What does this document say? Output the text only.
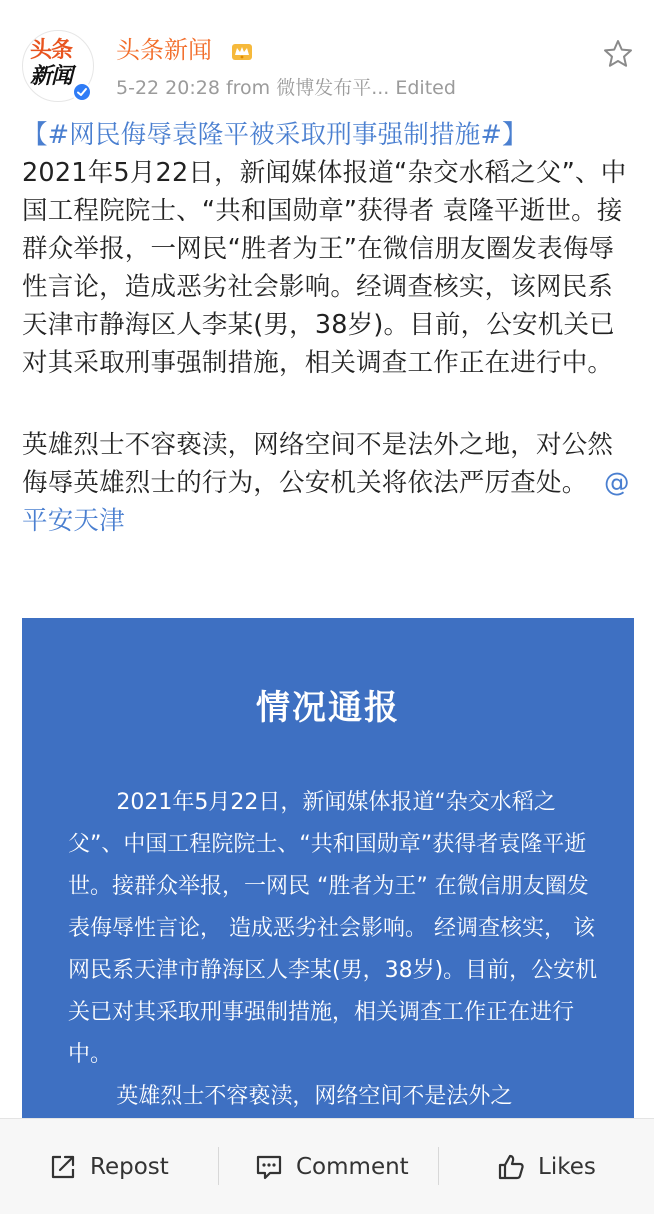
头条
新闻
头条新闻
5-22 20:28 from 微博发布平... Edited

【#网民侮辱袁隆平被采取刑事强制措施#】

2021年5月22日，新闻媒体报道“杂交水稻之父”、中国工程院院士、“共和国勋章”获得者 袁隆平逝世。接群众举报，一网民“胜者为王”在微信朋友圈发表侮辱性言论，造成恶劣社会影响。经调查核实，该网民系天津市静海区人李某(男，38岁)。目前，公安机关已对其采取刑事强制措施，相关调查工作正在进行中。

英雄烈士不容亵渎，网络空间不是法外之地，对公然侮辱英雄烈士的行为，公安机关将依法严厉查处。 @平安天津

情况通报

2021年5月22日，新闻媒体报道“杂交水稻之父”、中国工程院院士、“共和国勋章”获得者袁隆平逝世。接群众举报，一网民 “胜者为王” 在微信朋友圈发表侮辱性言论， 造成恶劣社会影响。 经调查核实， 该网民系天津市静海区人李某(男，38岁)。目前，公安机关已对其采取刑事强制措施，相关调查工作正在进行中。

英雄烈士不容亵渎，网络空间不是法外之

Repost	Comment	Likes
